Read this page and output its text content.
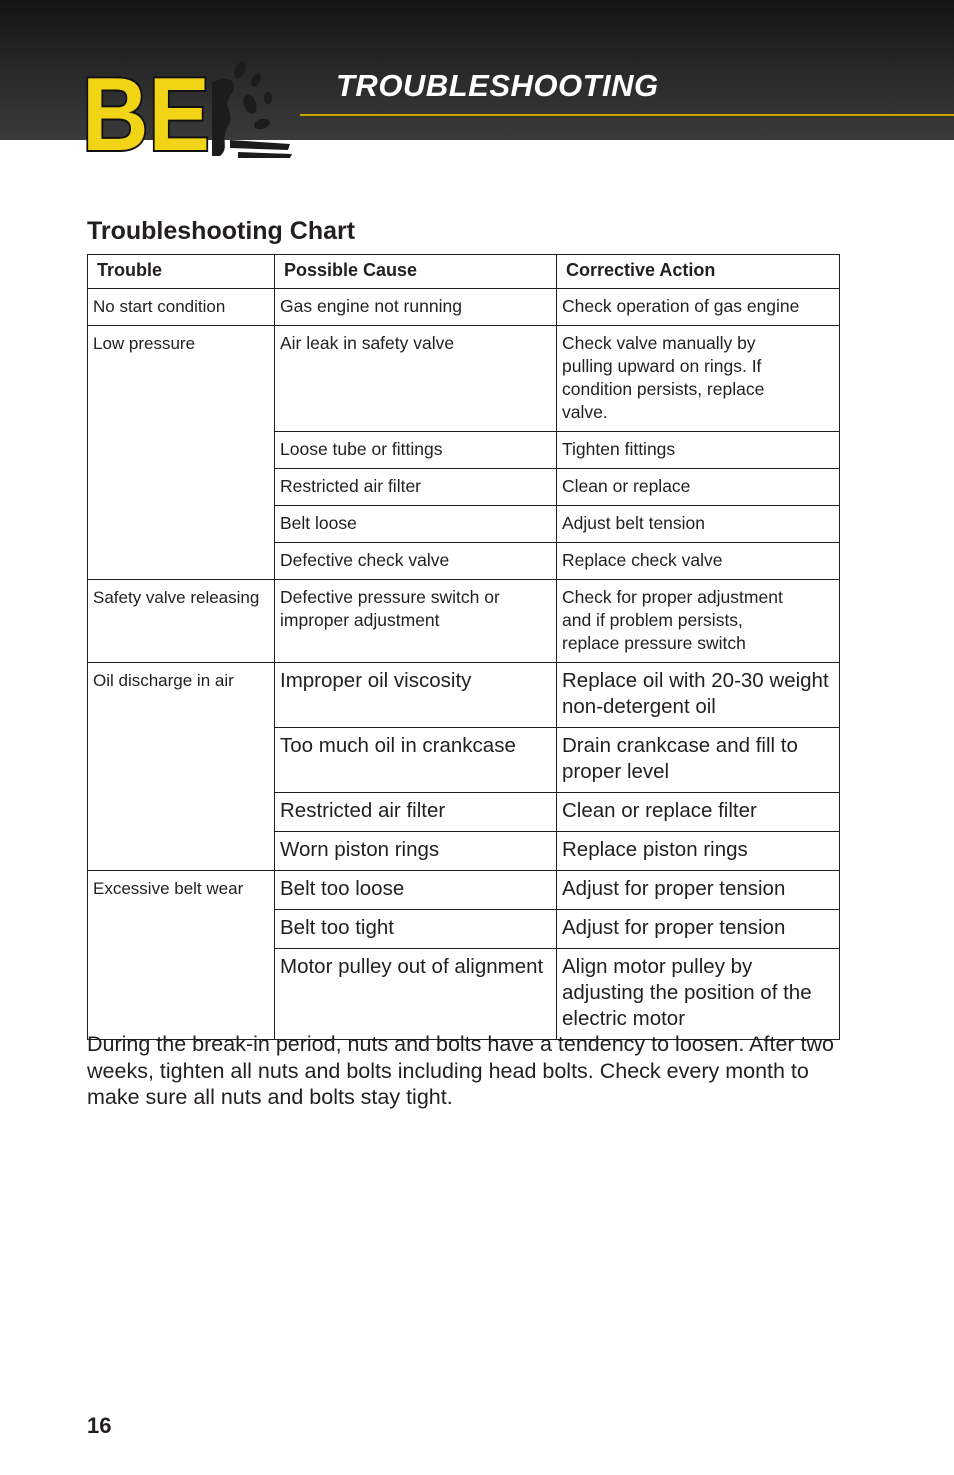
BE	TROUBLESHOOTING
Troubleshooting Chart
Trouble	Possible Cause	Corrective Action
No start condition	Gas engine not running	Check operation of gas engine
Low pressure	Air leak in safety valve	Check valve manually by pulling upward on rings. If condition persists, replace valve.
	Loose tube or fittings	Tighten fittings
	Restricted air filter	Clean or replace
	Belt loose	Adjust belt tension
	Defective check valve	Replace check valve
Safety valve releasing	Defective pressure switch or improper adjustment	Check for proper adjustment and if problem persists, replace pressure switch
Oil discharge in air	Improper oil viscosity	Replace oil with 20-30 weight non-detergent oil
	Too much oil in crankcase	Drain crankcase and fill to proper level
	Restricted air filter	Clean or replace filter
	Worn piston rings	Replace piston rings
Excessive belt wear	Belt too loose	Adjust for proper tension
	Belt too tight	Adjust for proper tension
	Motor pulley out of alignment	Align motor pulley by adjusting the position of the electric motor
During the break-in period, nuts and bolts have a tendency to loosen. After two weeks, tighten all nuts and bolts including head bolts. Check every month to make sure all nuts and bolts stay tight.
16
